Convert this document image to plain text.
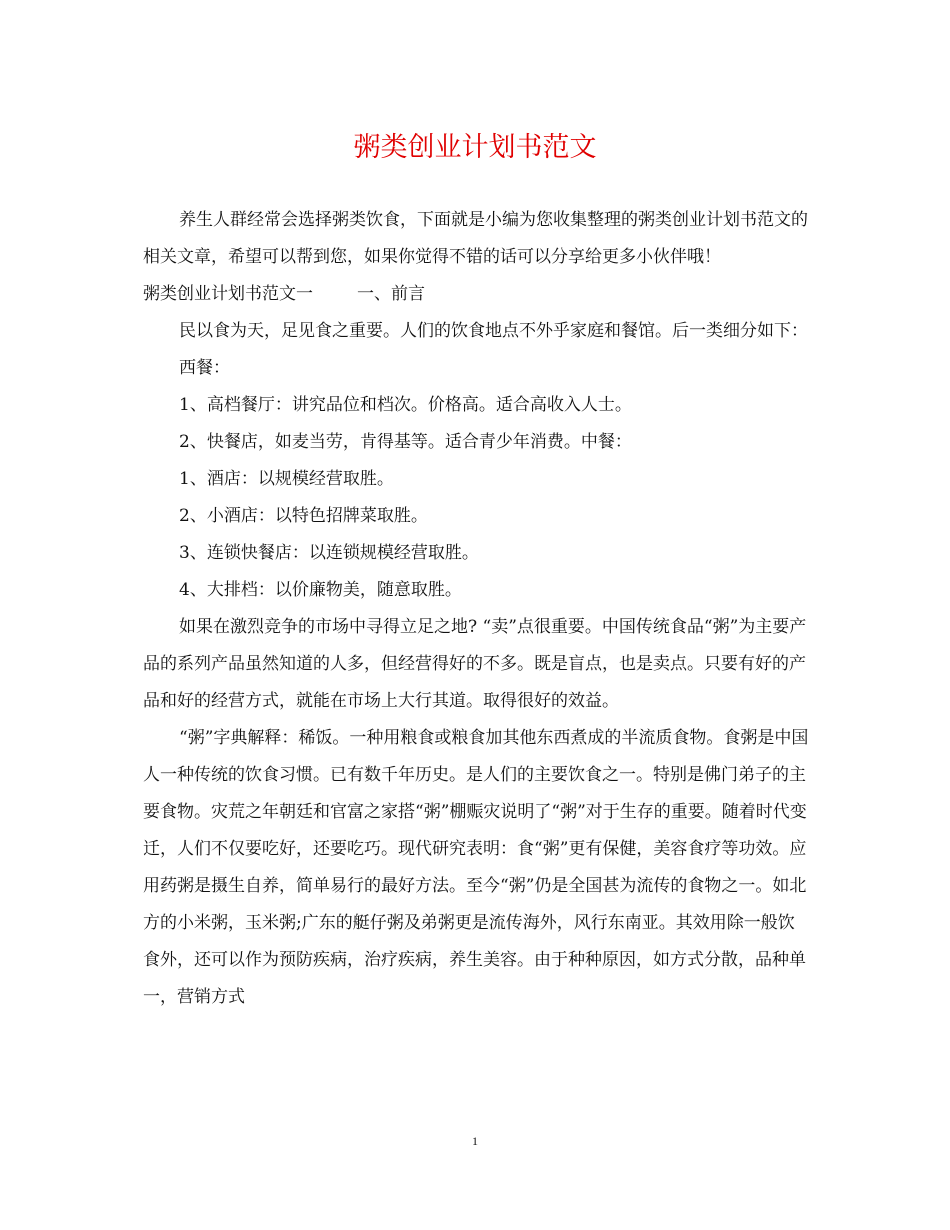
粥类创业计划书范文

养生人群经常会选择粥类饮食，下面就是小编为您收集整理的粥类创业计划书范文的相关文章，希望可以帮到您，如果你觉得不错的话可以分享给更多小伙伴哦！

粥类创业计划书范文一	一、前言

民以食为天，足见食之重要。人们的饮食地点不外乎家庭和餐馆。后一类细分如下：

西餐：

1、高档餐厅：讲究品位和档次。价格高。适合高收入人士。

2、快餐店，如麦当劳，肯得基等。适合青少年消费。中餐：

1、酒店：以规模经营取胜。

2、小酒店：以特色招牌菜取胜。

3、连锁快餐店：以连锁规模经营取胜。

4、大排档：以价廉物美，随意取胜。

如果在激烈竞争的市场中寻得立足之地? “卖”点很重要。中国传统食品“粥”为主要产品的系列产品虽然知道的人多，但经营得好的不多。既是盲点，也是卖点。只要有好的产品和好的经营方式，就能在市场上大行其道。取得很好的效益。

“粥”字典解释：稀饭。一种用粮食或粮食加其他东西煮成的半流质食物。食粥是中国人一种传统的饮食习惯。已有数千年历史。是人们的主要饮食之一。特别是佛门弟子的主要食物。灾荒之年朝廷和官富之家搭“粥”棚赈灾说明了“粥”对于生存的重要。随着时代变迁，人们不仅要吃好，还要吃巧。现代研究表明：食“粥”更有保健，美容食疗等功效。应用药粥是摄生自养，简单易行的最好方法。至今“粥”仍是全国甚为流传的食物之一。如北方的小米粥，玉米粥;广东的艇仔粥及弟粥更是流传海外，风行东南亚。其效用除一般饮食外，还可以作为预防疾病，治疗疾病，养生美容。由于种种原因，如方式分散，品种单一，营销方式

1
